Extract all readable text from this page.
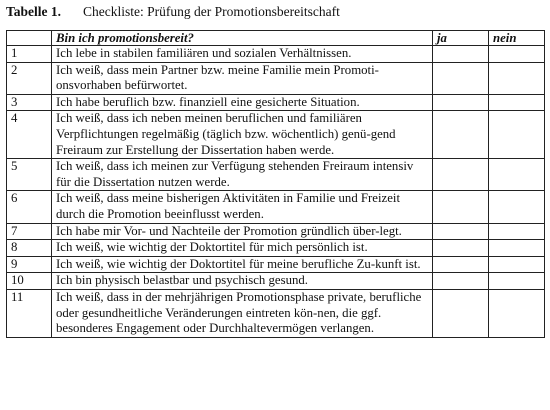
Tabelle 1. Checkliste: Prüfung der Promotionsbereitschaft
	Bin ich promotionsbereit?	ja	nein
1	Ich lebe in stabilen familiären und sozialen Verhältnissen.		
2	Ich weiß, dass mein Partner bzw. meine Familie mein Promoti-onsvorhaben befürwortet.		
3	Ich habe beruflich bzw. finanziell eine gesicherte Situation.		
4	Ich weiß, dass ich neben meinen beruflichen und familiären Verpflichtungen regelmäßig (täglich bzw. wöchentlich) genü-gend Freiraum zur Erstellung der Dissertation haben werde.		
5	Ich weiß, dass ich meinen zur Verfügung stehenden Freiraum intensiv für die Dissertation nutzen werde.		
6	Ich weiß, dass meine bisherigen Aktivitäten in Familie und Freizeit durch die Promotion beeinflusst werden.		
7	Ich habe mir Vor- und Nachteile der Promotion gründlich über-legt.		
8	Ich weiß, wie wichtig der Doktortitel für mich persönlich ist.		
9	Ich weiß, wie wichtig der Doktortitel für meine berufliche Zu-kunft ist.		
10	Ich bin physisch belastbar und psychisch gesund.		
11	Ich weiß, dass in der mehrjährigen Promotionsphase private, berufliche oder gesundheitliche Veränderungen eintreten kön-nen, die ggf. besonderes Engagement oder Durchhaltevermögen verlangen.		
